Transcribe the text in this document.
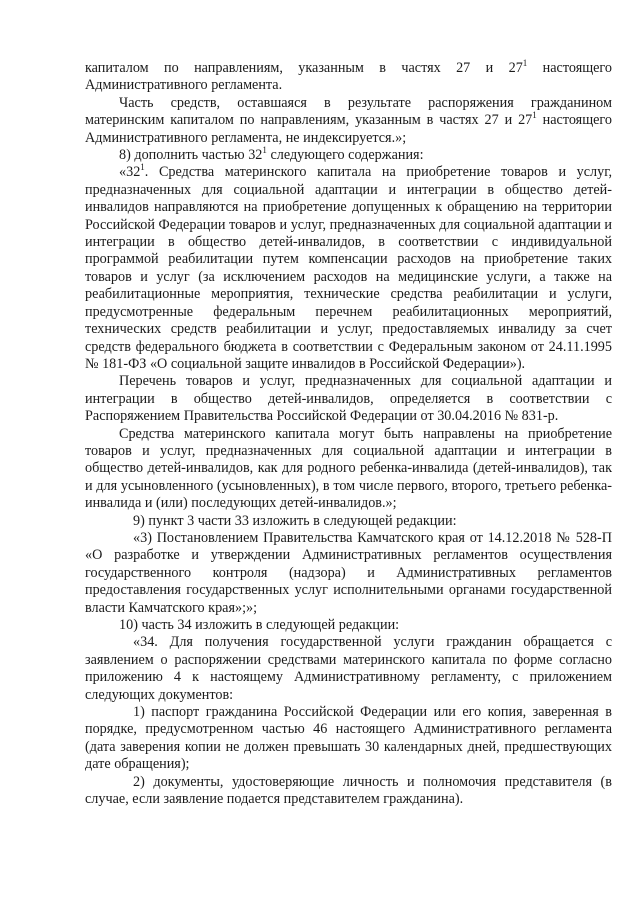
капиталом по направлениям, указанным в частях 27 и $27^1$ настоящего Административного регламента.

Часть средств, оставшаяся в результате распоряжения гражданином материнским капиталом по направлениям, указанным в частях 27 и $27^1$ настоящего Административного регламента, не индексируется.»;

8) дополнить частью $32^1$ следующего содержания:

«$32^1$. Средства материнского капитала на приобретение товаров и услуг, предназначенных для социальной адаптации и интеграции в общество детей-инвалидов направляются на приобретение допущенных к обращению на территории Российской Федерации товаров и услуг, предназначенных для социальной адаптации и интеграции в общество детей-инвалидов, в соответствии с индивидуальной программой реабилитации путем компенсации расходов на приобретение таких товаров и услуг (за исключением расходов на медицинские услуги, а также на реабилитационные мероприятия, технические средства реабилитации и услуги, предусмотренные федеральным перечнем реабилитационных мероприятий, технических средств реабилитации и услуг, предоставляемых инвалиду за счет средств федерального бюджета в соответствии с Федеральным законом от 24.11.1995 № 181-ФЗ «О социальной защите инвалидов в Российской Федерации»).

Перечень товаров и услуг, предназначенных для социальной адаптации и интеграции в общество детей-инвалидов, определяется в соответствии с Распоряжением Правительства Российской Федерации от 30.04.2016 № 831-р.

Средства материнского капитала могут быть направлены на приобретение товаров и услуг, предназначенных для социальной адаптации и интеграции в общество детей-инвалидов, как для родного ребенка-инвалида (детей-инвалидов), так и для усыновленного (усыновленных), в том числе первого, второго, третьего ребенка-инвалида и (или) последующих детей-инвалидов.»;

9) пункт 3 части 33 изложить в следующей редакции:

«3) Постановлением Правительства Камчатского края от 14.12.2018 № 528-П «О разработке и утверждении Административных регламентов осуществления государственного контроля (надзора) и Административных регламентов предоставления государственных услуг исполнительными органами государственной власти Камчатского края»;»;

10) часть 34 изложить в следующей редакции:

«34. Для получения государственной услуги гражданин обращается с заявлением о распоряжении средствами материнского капитала по форме согласно приложению 4 к настоящему Административному регламенту, с приложением следующих документов:

1) паспорт гражданина Российской Федерации или его копия, заверенная в порядке, предусмотренном частью 46 настоящего Административного регламента (дата заверения копии не должен превышать 30 календарных дней, предшествующих дате обращения);

2) документы, удостоверяющие личность и полномочия представителя (в случае, если заявление подается представителем гражданина).
